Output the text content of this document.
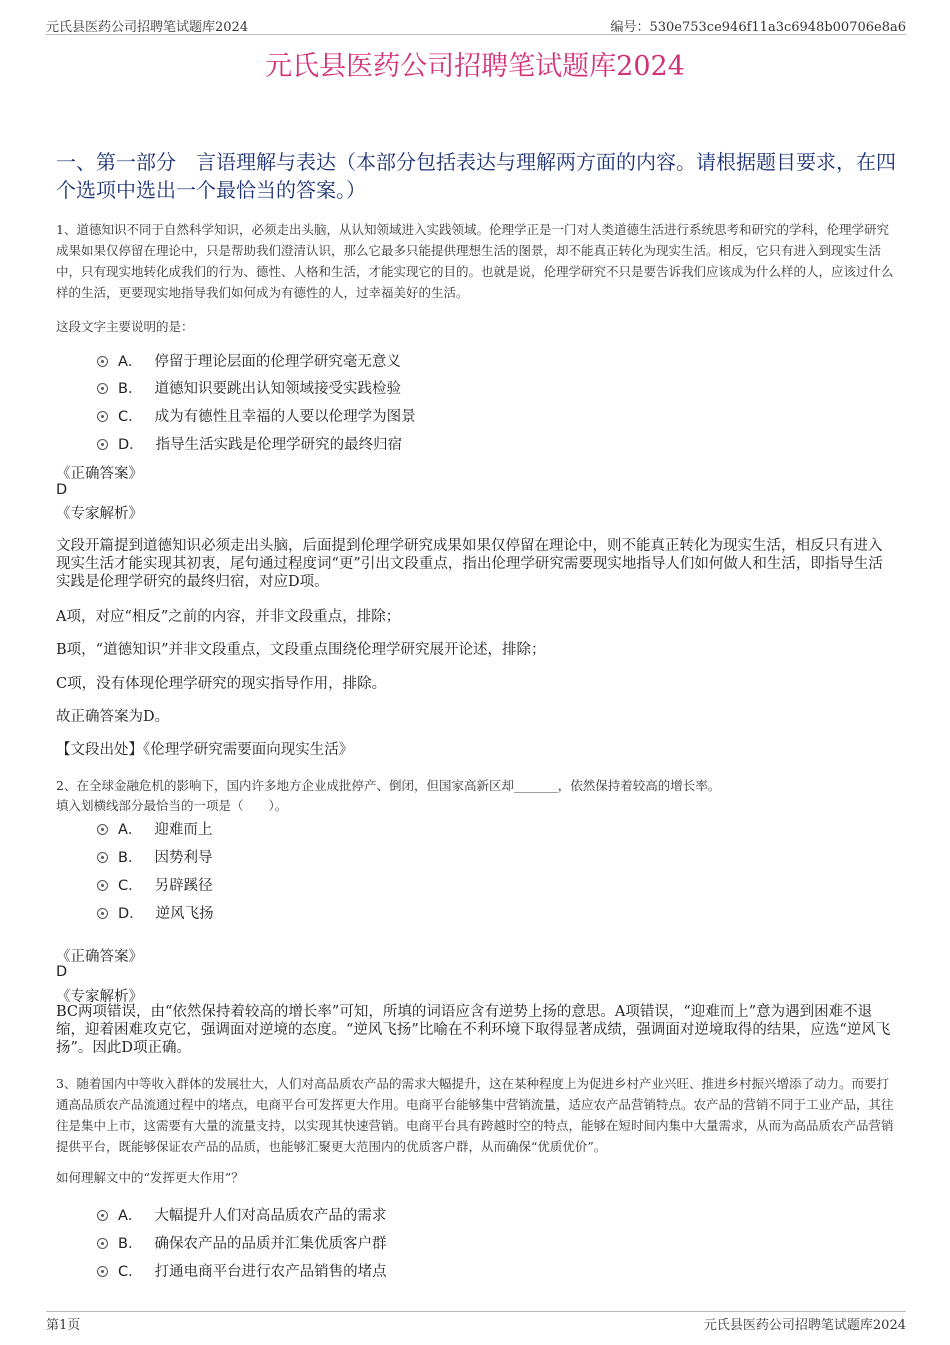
元氏县医药公司招聘笔试题库2024	编号：530e753ce946f11a3c6948b00706e8a6
元氏县医药公司招聘笔试题库2024
一、第一部分　言语理解与表达（本部分包括表达与理解两方面的内容。请根据题目要求，在四个选项中选出一个最恰当的答案。）
1、道德知识不同于自然科学知识，必须走出头脑，从认知领域进入实践领域。伦理学正是一门对人类道德生活进行系统思考和研究的学科，伦理学研究成果如果仅停留在理论中，只是帮助我们澄清认识，那么它最多只能提供理想生活的图景，却不能真正转化为现实生活。相反，它只有进入到现实生活中，只有现实地转化成我们的行为、德性、人格和生活，才能实现它的目的。也就是说，伦理学研究不只是要告诉我们应该成为什么样的人，应该过什么样的生活，更要现实地指导我们如何成为有德性的人，过幸福美好的生活。
这段文字主要说明的是：
A． 停留于理论层面的伦理学研究毫无意义
B． 道德知识要跳出认知领域接受实践检验
C． 成为有德性且幸福的人要以伦理学为图景
D． 指导生活实践是伦理学研究的最终归宿
《正确答案》
D
《专家解析》
文段开篇提到道德知识必须走出头脑，后面提到伦理学研究成果如果仅停留在理论中，则不能真正转化为现实生活，相反只有进入现实生活才能实现其初衷，尾句通过程度词“更”引出文段重点，指出伦理学研究需要现实地指导人们如何做人和生活，即指导生活实践是伦理学研究的最终归宿，对应D项。
A项，对应“相反”之前的内容，并非文段重点，排除；
B项，“道德知识”并非文段重点，文段重点围绕伦理学研究展开论述，排除；
C项，没有体现伦理学研究的现实指导作用，排除。
故正确答案为D。
【文段出处】《伦理学研究需要面向现实生活》
2、在全球金融危机的影响下，国内许多地方企业成批停产、倒闭，但国家高新区却_______，依然保持着较高的增长率。
填入划横线部分最恰当的一项是（　　）。
A． 迎难而上
B． 因势利导
C． 另辟蹊径
D． 逆风飞扬
《正确答案》
D
《专家解析》
BC两项错误，由“依然保持着较高的增长率”可知，所填的词语应含有逆势上扬的意思。A项错误，“迎难而上”意为遇到困难不退缩，迎着困难攻克它，强调面对逆境的态度。“逆风飞扬”比喻在不利环境下取得显著成绩，强调面对逆境取得的结果，应选“逆风飞扬”。因此D项正确。
3、随着国内中等收入群体的发展壮大，人们对高品质农产品的需求大幅提升，这在某种程度上为促进乡村产业兴旺、推进乡村振兴增添了动力。而要打通高品质农产品流通过程中的堵点，电商平台可发挥更大作用。电商平台能够集中营销流量，适应农产品营销特点。农产品的营销不同于工业产品，其往往是集中上市，这需要有大量的流量支持，以实现其快速营销。电商平台具有跨越时空的特点，能够在短时间内集中大量需求，从而为高品质农产品营销提供平台，既能够保证农产品的品质，也能够汇聚更大范围内的优质客户群，从而确保“优质优价”。
如何理解文中的“发挥更大作用”？
A． 大幅提升人们对高品质农产品的需求
B． 确保农产品的品质并汇集优质客户群
C． 打通电商平台进行农产品销售的堵点
第1页	元氏县医药公司招聘笔试题库2024
